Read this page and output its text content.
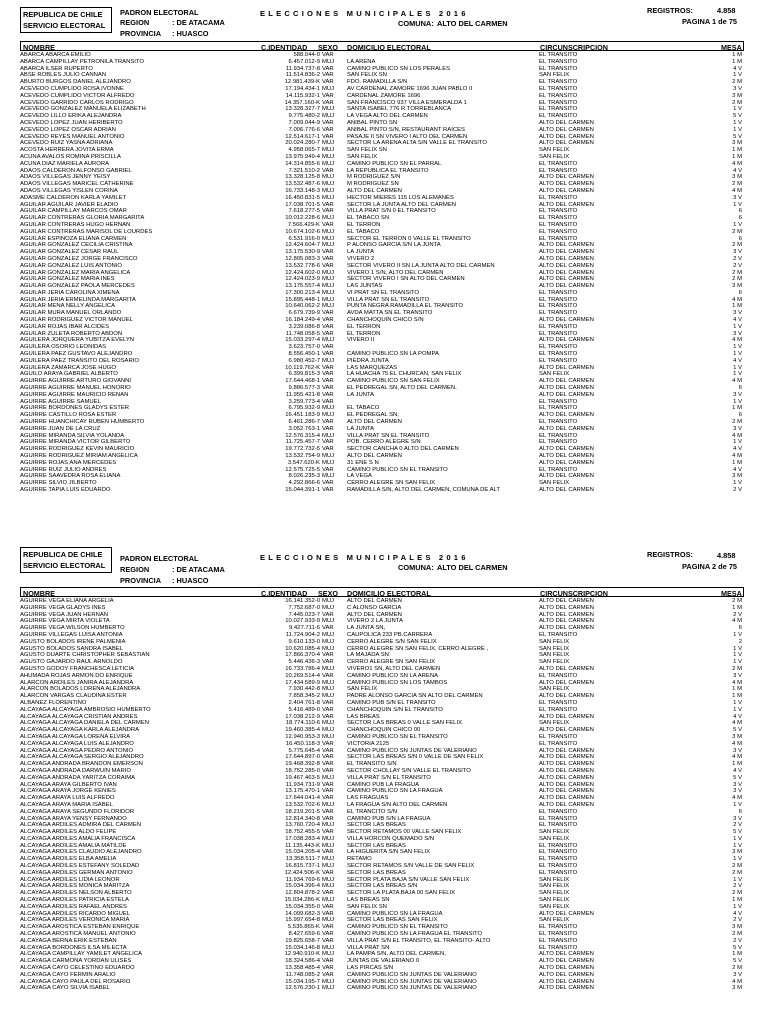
REPUBLICA DE CHILE
SERVICIO ELECTORAL
PADRON ELECTORAL
REGION	: DE ATACAMA
PROVINCIA : HUASCO
ELECCIONES MUNICIPALES 2016
COMUNA: ALTO DEL CARMEN
REGISTROS:	4.858
PAGINA 1 de 75
NOMBRE	C.IDENTIDAD SEXO DOMICILIO ELECTORAL	CIRCUNSCRIPCION	MESA
ABARCA ABARCA EMILIO	588.044-0 VAR	EL TRANSITO	1 M
ABARCA CAMPILLAY PETRONILA TRANSITO	6.457.012-9 MUJ	LA ARENA	EL TRANSITO	1 M
ABARCA ILSER RUPERTO	11.934.737-8 VAR	CAMINO PUBLICO SN LOS PERALES	EL TRANSITO	4 V
ABSE ROBLES JULIO CANNAN	11.514.836-2 VAR	SAN FELIX SN	SAN FELIX	1 V
ABURTO BURGOS DANIEL ALEJANDRO	12.981.439-K VAR	FDO. RAMADILLA S/N	EL TRANSITO	2 M
ACEVEDO CUMPLIDO ROSA IVONNE	17.194.434-1 MUJ	AV CARDENAL ZAMORE 1696 JUAN PABLO II	EL TRANSITO	3 V
ACEVEDO CUMPLIDO VICTOR ALFREDO	14.115.932-1 VAR	CARDENAL ZAMORE 1696	EL TRANSITO	3 M
ACEVEDO GARRIDO CARLOS RODRIGO	14.357.160-K VAR	SAN FRANCISCO 937 VILLA ESMERALDA 1	EL TRANSITO	2 M
ACEVEDO GONZALEZ MANUELA ELIZABETH	13.328.327-7 MUJ	SANTA ISABEL 776 R.TORREBLANCA	EL TRANSITO	1 V
ACEVEDO LILLO ERIKA ALEJANDRA	9.775.480-2 MUJ	LA VEGA ALTO DEL CARMEN	EL TRANSITO	5 V
ACEVEDO LOPEZ JUAN HERIBERTO	7.009.044-9 VAR	ANIBAL PINTO SN	ALTO DEL CARMEN	1 V
ACEVEDO LOPEZ OSCAR ADRIAN	7.006.776-6 VAR	ANIBAL PINTO S/N, RESTAURANT RAICES	ALTO DEL CARMEN	1 V
ACEVEDO REYES MANUEL ANTONIO	12.514.617-1 VAR	PASAJE II SN VIVERO I ALTO DEL CARMEN	ALTO DEL CARMEN	5 V
ACEVEDO RUIZ YASNA ADRIANA	20.024.280-7 MUJ	SECTOR LA ARENA ALTA S/N VALLE EL TRANSITO	ALTO DEL CARMEN	3 M
ACOSTA HERRERA JOVITA ERMA	4.958.065-7 MUJ	SAN FELIX SN	SAN FELIX	1 M
ACUÑA AVALOS ROMINA PRISCILLA	13.975.949-4 MUJ	SAN FELIX	SAN FELIX	1 M
ACUÑA DIAZ MARIELA AURORA	14.314.855-6 MUJ	CAMINO PUBLICO SN EL PARRAL	EL TRANSITO	4 M
ADAOS CALDERON ALFONSO GABRIEL	7.321.510-2 VAR	LA REPUBLICA EL TRANSITO	EL TRANSITO	4 V
ADAOS VILLEGAS JENNY YEISY	13.328.125-8 MUJ	M RODRIGUEZ S/N	ALTO DEL CARMEN	3 M
ADAOS VILLEGAS MARICEL CATHERINE	13.532.487-6 MUJ	M RODRIGUEZ SN	ALTO DEL CARMEN	2 M
ADAOS VILLEGAS YISLEN CORINA	16.733.148-3 MUJ	ALTO DEL CARMEN	ALTO DEL CARMEN	4 M
ADASME CALDERON KARLA YAMILET	16.450.831-5 MUJ	HECTOR MIERES 115 LOS ALEMANES	EL TRANSITO	3 V
AGUILAR AGUILAR JAVIER ELADIO	17.038.701-5 VAR	SECTOR LA JUNTA ALTO DEL CARMEN	ALTO DEL CARMEN	1 V
AGUILAR CAMPILLAY MARCOS OMAR	7.618.277-5 VAR	VILLA PRAT S/N 0 EL TRANSITO	EL TRANSITO	6
AGUILAR CONTRERAS GLORIA MARGARITA	10.012.228-6 MUJ	EL TABACO SN	EL TRANSITO	6
AGUILAR CONTRERAS HUGO HERNAN	7.566.429-K VAR	EL TERRON	EL TRANSITO	1 V
AGUILAR CONTRERAS MARISOL DE LOURDES	10.674.102-6 MUJ	EL TABACO	EL TRANSITO	2 M
AGUILAR ESPINOZA ELIANA CARMEN	6.531.916-0 MUJ	SECTOR EL TERRON 0 VALLE EL TRANSITO	EL TRANSITO	6
AGUILAR GONZALEZ CECILIA CRISTINA	12.424.604-7 MUJ	P ALONSO GARCIA S/N LA JUNTA	ALTO DEL CARMEN	2 M
AGUILAR GONZALEZ CESAR RAUL	13.175.530-9 VAR	LA JUNTA	ALTO DEL CARMEN	3 V
AGUILAR GONZALEZ JORGE FRANCISCO	12.805.083-3 VAR	VIVERO 2	ALTO DEL CARMEN	2 V
AGUILAR GONZALEZ LUIS ANTONIO	13.532.778-6 VAR	SECTOR VIVERO II SN LA JUNTA ALTO DEL CARMEN	ALTO DEL CARMEN	2 V
AGUILAR GONZALEZ MARIA ANGELICA	12.424.602-0 MUJ	VIVERO 1 S/N, ALTO DEL CARMEN	ALTO DEL CARMEN	2 M
AGUILAR GONZALEZ MARIA INES	12.424.023-9 MUJ	SECTOR VIVERO I SN ALTO DEL CARMEN	ALTO DEL CARMEN	2 M
AGUILAR GONZALEZ PAOLA MERCEDES	13.175.557-4 MUJ	LAS JUNTAS	ALTO DEL CARMEN	3 M
AGUILAR JERIA CAROLINA XIMENA	17.300.213-4 MUJ	VI PRAT SN EL TRANSITO	EL TRANSITO	6
AGUILAR JERIA ERMELINDA MARGARITA	15.895.448-1 MUJ	VILLA PRAT SN EL TRANSITO	EL TRANSITO	4 M
AGUILAR MENA NELLY ANGELICA	10.640.062-2 MUJ	PUNTA NEGRA RAMADILLA EL TRANSITO	EL TRANSITO	1 M
AGUILAR MURA MANUEL ORLANDO	6.679.739-9 VAR	AVDA MATTA SN EL TRANSITO	EL TRANSITO	3 V
AGUILAR RODRIGUEZ VICTOR MANUEL	16.184.249-4 VAR	CHANCHOQUIN CHICO S/N	ALTO DEL CARMEN	4 V
AGUILAR ROJAS IBAR ALCIDES	3.239.086-8 VAR	EL TERRON	EL TRANSITO	1 V
AGUILAR ZULETA ROBERTO ABDON	11.748.058-5 VAR	EL TERRON	EL TRANSITO	3 V
AGUILERA JORQUERA YUBITZA EVELYN	15.033.297-4 MUJ	VIVERO II	ALTO DEL CARMEN	4 M
AGUILERA OSORIO LEONIDAS	3.623.757-0 VAR	EL TRANSITO	1 V
AGUILERA PAEZ GUSTAVO ALEJANDRO	8.556.450-1 VAR	CAMINO PUBLICO SN LA POMPA	EL TRANSITO	1 V
AGUILERA PAEZ TRANSITO DEL ROSARIO	6.980.452-7 MUJ	PIEDRA JUNTA	EL TRANSITO	4 V
AGUILERA ZAMARCA JOSE HUGO	10.119.762-K VAR	LAS MARQUEZAS	ALTO DEL CARMEN	1 V
AGUILO ARAYA GABRIEL ALBERTO	6.399.815-3 VAR	LA HUACHA 75 EL CHURCAN, SAN FELIX	SAN FELIX	1 V
AGUIRRE AGUIRRE ARTURO GIOVANNI	17.644.468-1 VAR	CAMINO PUBLICO SN SAN FELIX	ALTO DEL CARMEN	4 M
AGUIRRE AGUIRRE MANUEL HONORIO	9.886.577-3 VAR	EL PEDREGAL SN, ALTO DEL CARMEN,	ALTO DEL CARMEN	6
AGUIRRE AGUIRRE MAURICIO RENAN	11.955.421-8 VAR	LA JUNTA	ALTO DEL CARMEN	3 V
AGUIRRE AGUIRRE SAMUEL	3.259.773-4 VAR	EL TRANSITO	1 V
AGUIRRE BORDONES GLADYS ESTER	6.795.932-9 MUJ	EL TABACO	EL TRANSITO	1 M
AGUIRRE CASTILLO ROSA ESTER	16.451.183-9 MUJ	EL PEDREGAL SN,	ALTO DEL CARMEN	6
AGUIRRE HUANCHICAY RUBEN HUMBERTO	6.461.286-7 VAR	ALTO DEL CARMEN	EL TRANSITO	2 M
AGUIRRE JUAN DE LA CRUZ	3.052.763-1 VAR	LA JUNTA	ALTO DEL CARMEN	3 V
AGUIRRE MIRANDA SILVIA YOLANDA	12.576.315-4 MUJ	VILLA PRAT SN EL TRANSITO	EL TRANSITO	4 M
AGUIRRE MIRANDA VICTOR GILBERTO	11.725.457-7 VAR	POB. CERRO ALEGRE S/N	EL TRANSITO	1 V
AGUIRRE RODRIGUEZ KEVIN MAURICIO	19.772.732-5 VAR	SECTOR CANCHA 0 ALTO DEL CARMEN	ALTO DEL CARMEN	4 V
AGUIRRE RODRIGUEZ MIRIAM ANGELICA	13.532.754-9 MUJ	ALTO DEL CARMEN	ALTO DEL CARMEN	4 M
AGUIRRE ROJAS ANA MERCEDES	3.547.620-K MUJ	31 ENE S N	ALTO DEL CARMEN	1 M
AGUIRRE RUIZ JULIO ANDRES	12.575.725-5 VAR	CAMINO PUBLICO SN EL TRANSITO	EL TRANSITO	4 V
AGUIRRE SAAVEDRA ROSA ELIANA	8.026.235-3 MUJ	LA VEGA	ALTO DEL CARMEN	3 M
AGUIRRE SILVIO JILBERTO	4.292.866-6 VAR	CERRO ALEGRE SN SAN FELIX	SAN FELIX	1 V
AGUIRRE TAPIA LUIS EDUARDO	15.044.391-1 VAR	RAMADILLA S/N, ALTO DEL CARMEN, COMUNA DE ALT	ALTO DEL CARMEN	2 V
REPUBLICA DE CHILE
SERVICIO ELECTORAL
PADRON ELECTORAL
REGION	: DE ATACAMA
PROVINCIA : HUASCO
ELECCIONES MUNICIPALES 2016
COMUNA: ALTO DEL CARMEN
REGISTROS:	4.858
PAGINA 2 de 75
NOMBRE	C.IDENTIDAD SEXO DOMICILIO ELECTORAL	CIRCUNSCRIPCION	MESA
AGUIRRE VEGA ELIANA ARGELIA	16.141.352-0 MUJ	ALTO DEL CARMEN	ALTO DEL CARMEN	2 M
AGUIRRE VEGA GLADYS INES	7.752.687-0 MUJ	C ALONSO GARCIA	ALTO DEL CARMEN	1 M
AGUIRRE VEGA JUAN HERNAN	7.445.023-7 VAR	ALTO DEL CARMEN	ALTO DEL CARMEN	2 V
AGUIRRE VEGA MIRTA VIOLETA	10.027.933-9 MUJ	VIVERO 2 LA JUNTA	ALTO DEL CARMEN	4 M
AGUIRRE VEGA WILSON HUMBERTO	9.427.711-6 VAR	LA JUNTA SN,	ALTO DEL CARMEN	6
AGUIRRE VILLEGAS LUISA ANTONIA	11.724.904-2 MUJ	CAUPOLICA 233 PB.CARRERA	EL TRANSITO	1 V
AGUSTO BOLADOS IRENE PALMENIA	9.610.133-0 MUJ	CERRO ALEGRE S/N SAN FELIX	SAN FELIX	2
AGUSTO BOLADOS SANDRA ISABEL	10.620.085-4 MUJ	CERRO ALEGRE SN SAN FELIX, CERRO ALEGRE ,	SAN FELIX	1 V
AGUSTO DUARTE CHRISTOPHER SEBASTIAN	17.866.370-4 VAR	LA MAJADA SN	SAN FELIX	1 V
AGUSTO GAJARDO RAUL ARNOLDO	5.446.436-3 VAR	CERRO ALEGRE SN SAN FELIX	SAN FELIX	1 V
AGUSTO GODOY FRANCHESCA LETICIA	16.733.786-4 MUJ	VIVERO1 SN, ALTO DEL CARMEN	ALTO DEL CARMEN	2 M
AHUMADA ROJAS ARMON DO ENRIQUE	10.269.514-4 VAR	CAMINO PUBLICO SN LA ARENA	EL TRANSITO	3 V
ALARCON ARDILES JANIRA ALEJANDRA	17.434.589-9 MUJ	CAMINO PUBLICO SN LOS TAMBOS	ALTO DEL CARMEN	4 M
ALARCON BOLADOS LORENA ALEJANDRA	7.930.442-8 MUJ	SAN FELIX	SAN FELIX	1 M
ALARCON VARGAS CLAUDINA ESTER	7.858.345-2 MUJ	PADRE ALONSO GARCIA SN ALTO DEL CARMEN	ALTO DEL CARMEN	1 M
ALBANEZ FLORENTINO	2.404.761-8 VAR	CAMINO PUB S/N EL TRANSITO	EL TRANSITO	1 V
ALCAYAGA ALCAYAGA AMBROSIO HUMBERTO	5.416.489-0 VAR	CHANCHOQUIN S/N EL TRANSITO	EL TRANSITO	1 V
ALCAYAGA ALCAYAGA CRISTIAN ANDRES	17.038.212-9 VAR	LAS BREAS	ALTO DEL CARMEN	4 V
ALCAYAGA ALCAYAGA DANIELA DEL CARMEN	18.774.110-6 MUJ	SECTOR LAS BREAS 0 VALLE SAN FELIX	SAN FELIX	4 M
ALCAYAGA ALCAYAGA KARLA ALEJANDRA	19.460.385-4 MUJ	CHANCHOQUIN CHICO 00	ALTO DEL CARMEN	5 V
ALCAYAGA ALCAYAGA LORENA ELVIRA	12.940.953-3 MUJ	CAMINO PUBLICO SN EL TRANSITO	EL TRANSITO	3 M
ALCAYAGA ALCAYAGA LUIS ALEJANDRO	16.450.118-3 VAR	VICTORIA 2125	EL TRANSITO	4 M
ALCAYAGA ALCAYAGA PEDRO ANTONIO	5.775.645-4 VAR	CAMINO PUBLICO SN JUNTAS DE VALERIANO	ALTO DEL CARMEN	3 V
ALCAYAGA ALCAYAGA SERGIO ALEJANDRO	17.644.897-0 VAR	SECTOR LAS BREAS S/N 0 VALLE DE SAN FELIX	ALTO DEL CARMEN	4 M
ALCAYAGA ANDRADA BRANDON EMERSON	19.468.392-8 VAR	EL TRANSITO S/N	ALTO DEL CARMEN	1 M
ALCAYAGA ANDRADA DARWUIN MARIO	18.752.285-0 VAR	SECTOR CHOLLAY S/N VALLE EL TRANSITO	ALTO DEL CARMEN	4 V
ALCAYAGA ANDRADA YARITZA CORAIMA	19.467.463-5 MUJ	VILLA PRAT S/N EL TRANSITO	ALTO DEL CARMEN	5 V
ALCAYAGA ARAYA GILBERTO IVAN	11.934.731-9 VAR	CAMINO PUB LA FRAGUA	ALTO DEL CARMEN	3 V
ALCAYAGA ARAYA JORGE KENIES	13.175.470-1 VAR	CAMINO PUBLICO SN LA FRAGUA	ALTO DEL CARMEN	3 V
ALCAYAGA ARAYA LUIS ALFREDO	17.644.041-4 VAR	LAS FRAGUAS	ALTO DEL CARMEN	4 M
ALCAYAGA ARAYA MARIA ISABEL	13.532.702-6 MUJ	LA FRAGUA S/N ALTO DEL CARMEN	ALTO DEL CARMEN	1 V
ALCAYAGA ARAYA SEGUNDO FLORIDOR	18.219.201-5 VAR	EL TRANCITO S/N	EL TRANSITO	6
ALCAYAGA ARAYA YENSY FERNANDO	12.814.340-8 VAR	CAMINO PUB S/N LA FRAGUA	EL TRANSITO	3 V
ALCAYAGA ARDILES ADMIRA DEL CARMEN	13.760.720-4 MUJ	SECTOR LAS BREAS	EL TRANSITO	2 V
ALCAYAGA ARDILES ALDO FELIPE	18.752.455-5 VAR	SECTOR RETAMOS 00 VALLE SAN FELIX	SAN FELIX	5 V
ALCAYAGA ARDILES AMALIA FRANCISCA	17.038.283-4 MUJ	VILLA HORCON QUEMADO S/N	SAN FELIX	1 V
ALCAYAGA ARDILES AMALIA MATILDE	11.135.443-K MUJ	SECTOR LAS BREAS	EL TRANSITO	1 V
ALCAYAGA ARDILES CLAUDIO ALEJANDRO	15.034.205-4 VAR	LA HIGUERITA S/N SAN FELIX	EL TRANSITO	3 M
ALCAYAGA ARDILES ELBA AMELIA	13.358.511-7 MUJ	RETAMO	EL TRANSITO	1 V
ALCAYAGA ARDILES ESTEFANY SOLEDAD	16.815.737-1 MUJ	SECTOR RETAMOS S/N VALLE DE SAN FELIX	EL TRANSITO	2 M
ALCAYAGA ARDILES GERMAN ANTONIO	12.424.506-K VAR	SECTOR LAS BREAS	EL TRANSITO	2 M
ALCAYAGA ARDILES LIDIA LEONOR	11.934.769-6 MUJ	SECTOR PLATA BAJA S/N VALLE SAN FELIX	SAN FELIX	1 V
ALCAYAGA ARDILES MONICA MARITZA	15.034.396-4 MUJ	SECTOR LAS BREAS S/N	SAN FELIX	2 V
ALCAYAGA ARDILES NELSON ALBERTO	12.804.878-2 VAR	SECTOR LA PLATA BAJA 00 SAN FELIX	SAN FELIX	2 M
ALCAYAGA ARDILES PATRICIA ESTELA	15.034.286-K MUJ	LAS BREAS SN	SAN FELIX	1 M
ALCAYAGA ARDILES RAFAEL ANDRES	15.034.355-0 VAR	SAN FELIX SN	SAN FELIX	1 V
ALCAYAGA ARDILES RICARDO MIGUEL	14.099.682-3 VAR	CAMINO PUBLICO SN LA FRAGUA	ALTO DEL CARMEN	4 V
ALCAYAGA ARDILES VERONICA MARIA	15.997.654-8 MUJ	SECTOR LAS BREAS SAN FELIX	SAN FELIX	2 V
ALCAYAGA AROSTICA ESTEBAN ENRIQUE	5.535.865-K VAR	CAMINO PUBLICO SN EL TRANSITO	EL TRANSITO	3 M
ALCAYAGA AROSTICA MANUEL ANTONIO	8.427.659-6 VAR	CAMINO PUBLICO SN LA FRAGUA EL TRANSITO	EL TRANSITO	2 M
ALCAYAGA BERNA ERIK ESTEBAN	19.825.658-7 VAR	VILLA PRAT S/N EL TRANSITO, EL TRANSITO- ALTO	EL TRANSITO	2 V
ALCAYAGA BORDONES ILSA MILECTA	15.034.146-8 MUJ	VILLA PRAT SN	EL TRANSITO	5 V
ALCAYAGA CAMPILLAY YAMILET ANGELICA	12.940.910-K MUJ	LA PAMPA S/N, ALTO DEL CARMEN,	ALTO DEL CARMEN	1 M
ALCAYAGA CARMONA YORDAN ULISES	18.324.586-4 VAR	JUNTAS DE VALERIANO 0	ALTO DEL CARMEN	5 V
ALCAYAGA CAYO CELESTINO EDUARDO	13.358.485-4 VAR	LAS PIRCAS S/N	ALTO DEL CARMEN	2 M
ALCAYAGA CAYO FERMIN ARALIO	11.748.085-2 VAR	CAMINO PUBLICO SN JUNTAS DE VALERIANO	ALTO DEL CARMEN	3 V
ALCAYAGA CAYO PAULA DEL ROSARIO	15.034.195-7 MUJ	CAMINO PUBLICO SN JUNTAS DE VALERIANO	ALTO DEL CARMEN	4 M
ALCAYAGA CAYO SILVIA ISABEL	12.576.230-1 MUJ	CAMINO PUBLICO SN JUNTAS DE VALERIANO	ALTO DEL CARMEN	3 M
